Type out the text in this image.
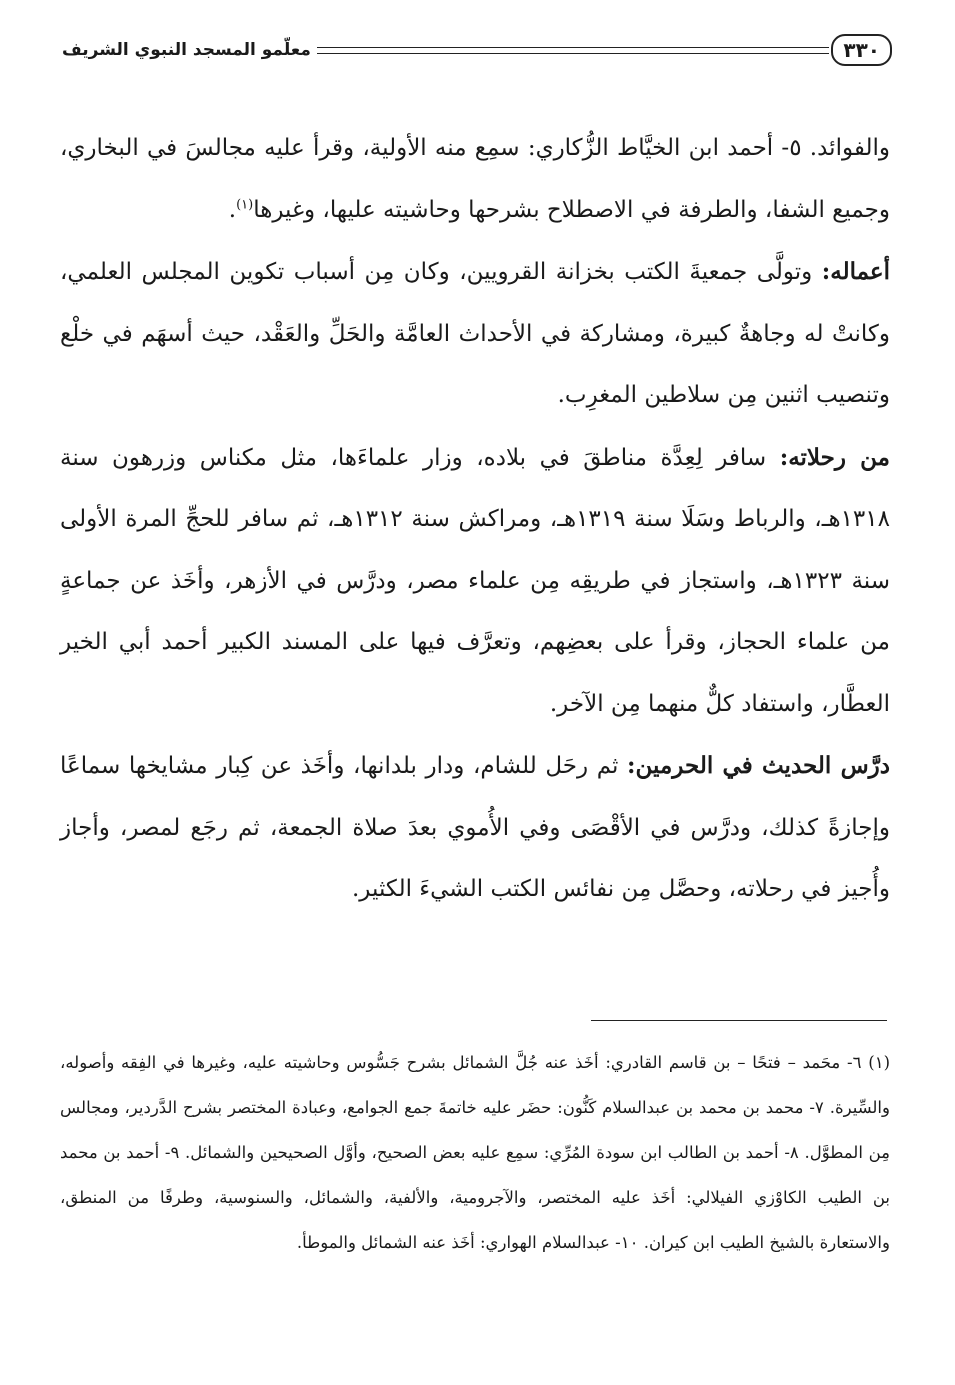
معلّمو المسجد النبوي الشريف	٣٣٠

والفوائد. ٥- أحمد ابن الخيَّاط الزُّكاري: سمِع منه الأولية، وقرأ عليه مجالسَ في البخاري، وجميع الشفا، والطرفة في الاصطلاح بشرحها وحاشيته عليها، وغيرها$^{(١)}$.

أعماله: وتولَّى جمعيةَ الكتب بخزانة القرويين، وكان مِن أسباب تكوين المجلس العلمي، وكانتْ له وجاهةٌ كبيرة، ومشاركة في الأحداث العامَّة والحَلِّ والعَقْد، حيث أسهَم في خلْع وتنصيب اثنين مِن سلاطين المغرِب.

من رحلاته: سافر لِعِدَّة مناطقَ في بلاده، وزار علماءَها، مثل مكناس وزرهون سنة ١٣١٨هـ، والرباط وسَلَا سنة ١٣١٩هـ، ومراكش سنة ١٣١٢هـ، ثم سافر للحجِّ المرة الأولى سنة ١٣٢٣هـ، واستجاز في طريقِه مِن علماء مصر، ودرَّس في الأزهر، وأخَذ عن جماعةٍ من علماء الحجاز، وقرأ على بعضِهم، وتعرَّف فيها على المسند الكبير أحمد أبي الخير العطَّار، واستفاد كلٌّ منهما مِن الآخر.

درَّس الحديث في الحرمين: ثم رحَل للشام، ودار بلدانها، وأخَذ عن كِبار مشايخها سماعًا وإجازةً كذلك، ودرَّس في الأقْصَى وفي الأُموي بعدَ صلاة الجمعة، ثم رجَع لمصر، وأجاز وأُجيز في رحلاته، وحصَّل مِن نفائس الكتب الشيءَ الكثير.

(١) ٦- محَمد – فتحًا – بن قاسم القادري: أخَذ عنه جُلَّ الشمائل بشرح جَسُّوس وحاشيته عليه، وغيرها في الفِقه وأصوله، والسِّيرة. ٧- محمد بن محمد بن عبدالسلام كَنُّون: حضَر عليه خاتمةَ جمع الجوامع، وعبادة المختصر بشرح الدَّردير، ومجالس مِن المطوَّل. ٨- أحمد بن الطالب ابن سودة المُرِّي: سمِع عليه بعض الصحيح، وأوَّل الصحيحين والشمائل. ٩- أحمد بن محمد بن الطيب الكاوْزي الفيلالي: أخَذ عليه المختصر، والآجرومية، والألفية، والشمائل، والسنوسية، وطرفًا من المنطق، والاستعارة بالشيخ الطيب ابن كيران. ١٠- عبدالسلام الهواري: أخَذ عنه الشمائل والموطأ.
